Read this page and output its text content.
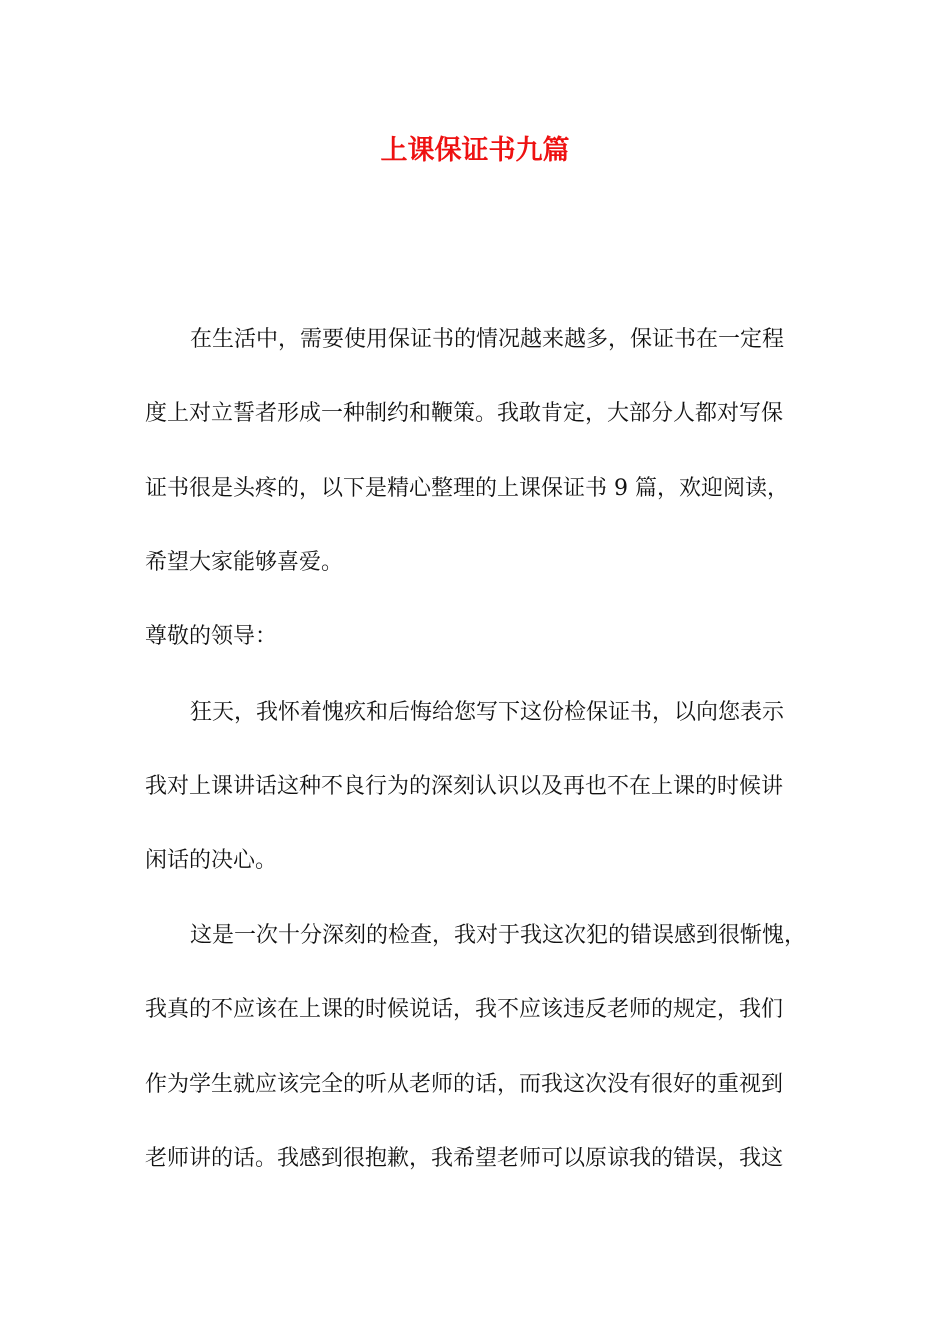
上课保证书九篇
在生活中，需要使用保证书的情况越来越多，保证书在一定程
度上对立誓者形成一种制约和鞭策。我敢肯定，大部分人都对写保
证书很是头疼的，以下是精心整理的上课保证书 9 篇，欢迎阅读，
希望大家能够喜爱。
尊敬的领导：
狂天，我怀着愧疚和后悔给您写下这份检保证书，以向您表示
我对上课讲话这种不良行为的深刻认识以及再也不在上课的时候讲
闲话的决心。
这是一次十分深刻的检查，我对于我这次犯的错误感到很惭愧，
我真的不应该在上课的时候说话，我不应该违反老师的规定，我们
作为学生就应该完全的听从老师的话，而我这次没有很好的重视到
老师讲的话。我感到很抱歉，我希望老师可以原谅我的错误，我这
